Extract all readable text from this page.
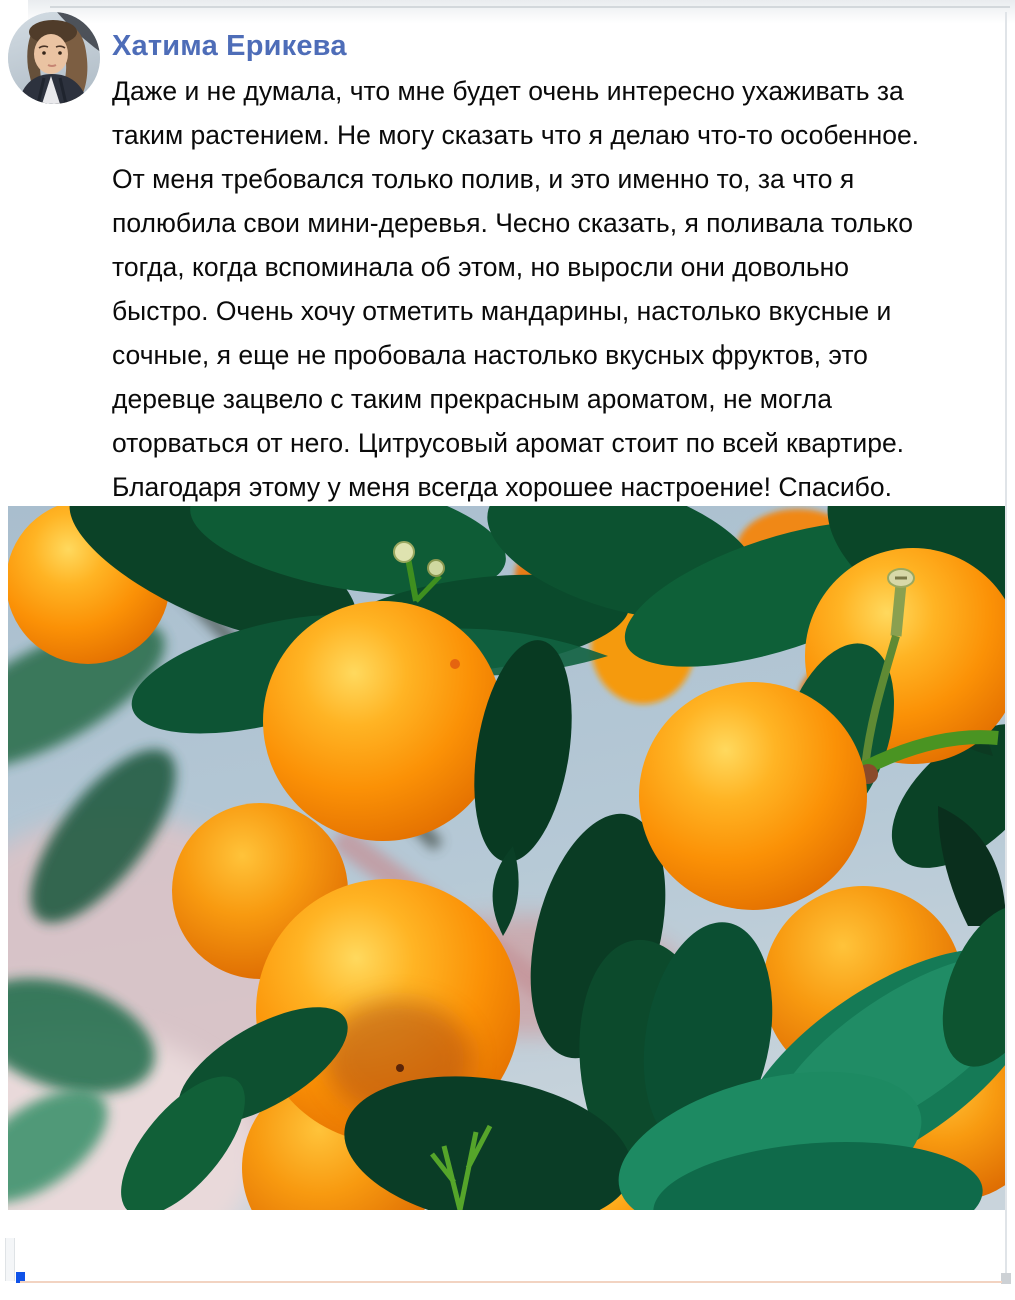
Хатима Ерикева
Даже и не думала, что мне будет очень интересно ухаживать за
таким растением. Не могу сказать что я делаю что-то особенное.
От меня требовался только полив, и это именно то, за что я
полюбила свои мини-деревья. Чесно сказать, я поливала только
тогда, когда вспоминала об этом, но выросли они довольно
быстро. Очень хочу отметить мандарины, настолько вкусные и
сочные, я еще не пробовала настолько вкусных фруктов, это
деревце зацвело с таким прекрасным ароматом, не могла
оторваться от него. Цитрусовый аромат стоит по всей квартире.
Благодаря этому у меня всегда хорошее настроение! Спасибо.
